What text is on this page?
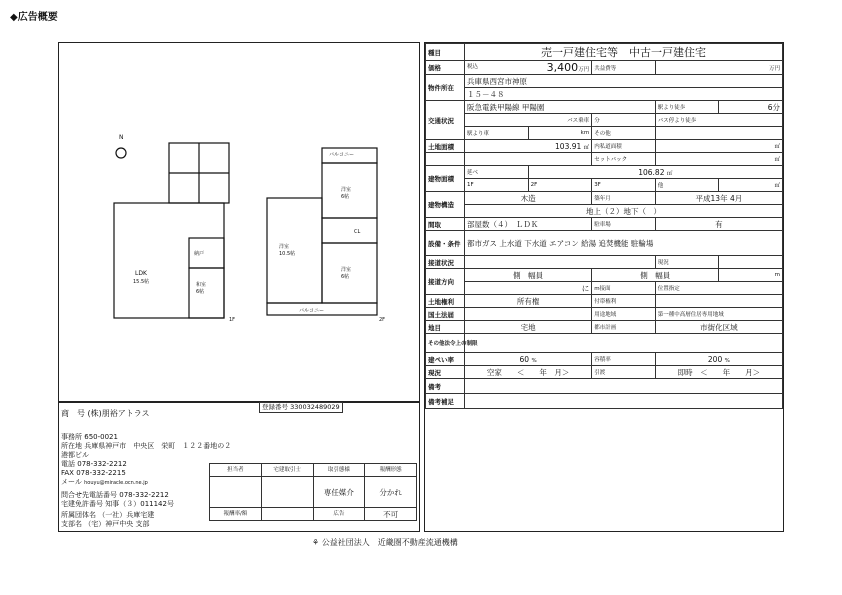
◆広告概要
N
LDK
15.5帖	和室
6帖
納戸
1F
洋室
10.5帖
洋室
6帖
洋室
6帖
バルコニー
バルコニー
CL
2F
登録番号 330032489029
商　号 (株)朋裕アトラス
事務所 650-0021
所在地 兵庫県神戸市　中央区　栄町　１２２番地の２
港都ビル
電話 078-332-2212
FAX 078-332-2215
メール houyu@miracle.ocn.ne.jp
問合せ先電話番号 078-332-2212
宅建免許番号 知事（３）011142号
所属団体名 （一社）兵庫宅建
支部名 （宅）神戸中央 支部
担当者	宅建取引士	取引態様	報酬形態
		専任媒介	分かれ
報酬率/額		広告	不可
種目	売一戸建住宅等　中古一戸建住宅				
価格	税込 3,400万円		共益費等	万円	
物件所在	兵庫県西宮市神原				
	１５－４８				
交通状況	阪急電鉄甲陽線 甲陽園			駅より徒歩	6分
	バス乗車		分	バス停より徒歩	
	駅より車	km	その他		
土地面積	103.91 ㎡		内私道面積	㎡	
			セットバック	㎡	
建物面積	延べ	106.82 ㎡			
	1F	2F	3F	他	㎡
建物構造	木造		築年月	平成13年 4月	
	地上（２）地下（　）				
間取	部屋数（４）　ＬＤＫ		駐車場	有	
設備・条件	都市ガス 上水道 下水道 エアコン 給湯 追焚機能 駐輪場				
接道状況				現況	
接道方向	側　幅員		側　幅員		m
	に		m接面	位置指定	
土地権利	所有権		付帯権利		
国土法届			用途地域	第一種中高層住居専用地域	
地目	宅地		都市計画	市街化区域	
その他法令上の制限					
建ぺい率	60 %		容積率	200 %	
現況	空家　　＜　　年　月＞		引渡	即時　＜　　年　　月＞	
備考					
備考補足					
⚘ 公益社団法人　近畿圏不動産流通機構
